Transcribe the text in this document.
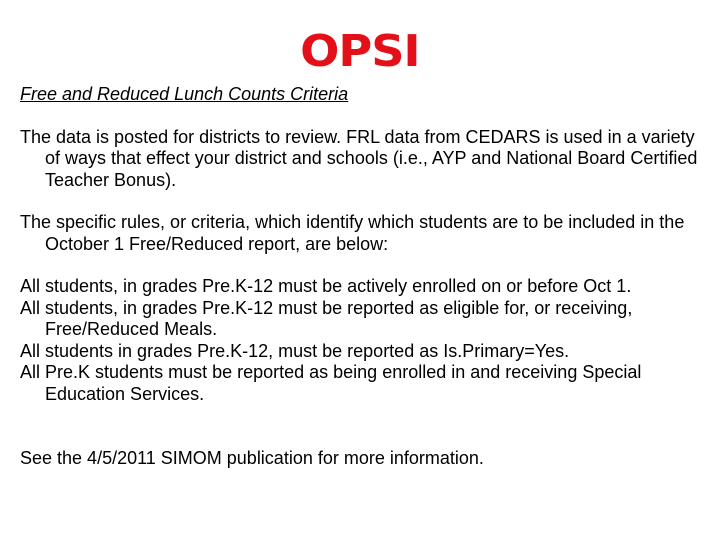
OPSI

Free and Reduced Lunch Counts Criteria

The data is posted for districts to review. FRL data from CEDARS is used in a variety of ways that effect your district and schools (i.e., AYP and National Board Certified Teacher Bonus).

The specific rules, or criteria, which identify which students are to be included in the October 1 Free/Reduced report, are below:

All students, in grades Pre.K-12 must be actively enrolled on or before Oct 1.

All students, in grades Pre.K-12 must be reported as eligible for, or receiving, Free/Reduced Meals.

All students in grades Pre.K-12, must be reported as Is.Primary=Yes.

All Pre.K students must be reported as being enrolled in and receiving Special Education Services.

See the 4/5/2011 SIMOM publication for more information.
